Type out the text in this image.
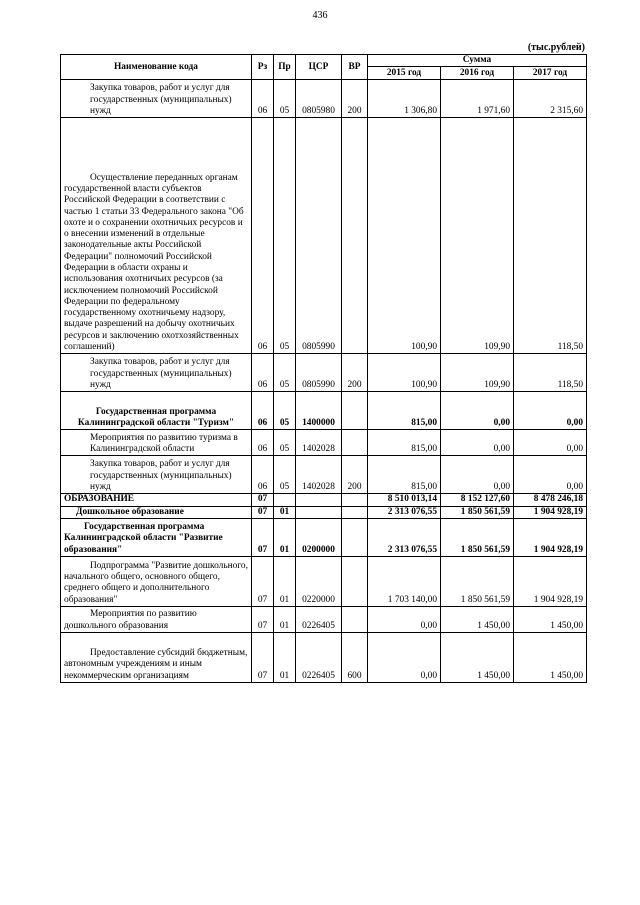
436
(тыс.рублей)
Наименование кода	Рз	Пр	ЦСР	ВР	Сумма		
					2015 год	2016 год	2017 год

Закупка товаров, работ и услуг для государственных (муниципальных) нужд	06	05	0805980	200	1 306,80	1 971,60	2 315,60

Осуществление переданных органам государственной власти субъектов Российской Федерации в соответствии с частью 1 статьи 33 Федерального закона "Об охоте и о сохранении охотничьих ресурсов и о внесении изменений в отдельные законодательные акты Российской Федерации" полномочий Российской Федерации в области охраны и использования охотничьих ресурсов (за исключением полномочий Российской Федерации по федеральному государственному охотничьему надзору, выдаче разрешений на добычу охотничьих ресурсов и заключению охотхозяйственных соглашений)	06	05	0805990		100,90	109,90	118,50

Закупка товаров, работ и услуг для государственных (муниципальных) нужд	06	05	0805990	200	100,90	109,90	118,50

Государственная программа Калининградской области "Туризм"	06	05	1400000		815,00	0,00	0,00

Мероприятия по развитию туризма в Калининградской области	06	05	1402028		815,00	0,00	0,00

Закупка товаров, работ и услуг для государственных (муниципальных) нужд	06	05	1402028	200	815,00	0,00	0,00
ОБРАЗОВАНИЕ	07				8 510 013,14	8 152 127,60	8 478 246,18
Дошкольное образование	07	01			2 313 076,55	1 850 561,59	1 904 928,19

Государственная программа Калининградской области "Развитие образования"	07	01	0200000		2 313 076,55	1 850 561,59	1 904 928,19

Подпрограмма "Развитие дошкольного, начального общего, основного общего, среднего общего и дополнительного образования"	07	01	0220000		1 703 140,00	1 850 561,59	1 904 928,19

Мероприятия по развитию дошкольного образования	07	01	0226405		0,00	1 450,00	1 450,00

Предоставление субсидий бюджетным, автономным учреждениям и иным некоммерческим организациям	07	01	0226405	600	0,00	1 450,00	1 450,00
